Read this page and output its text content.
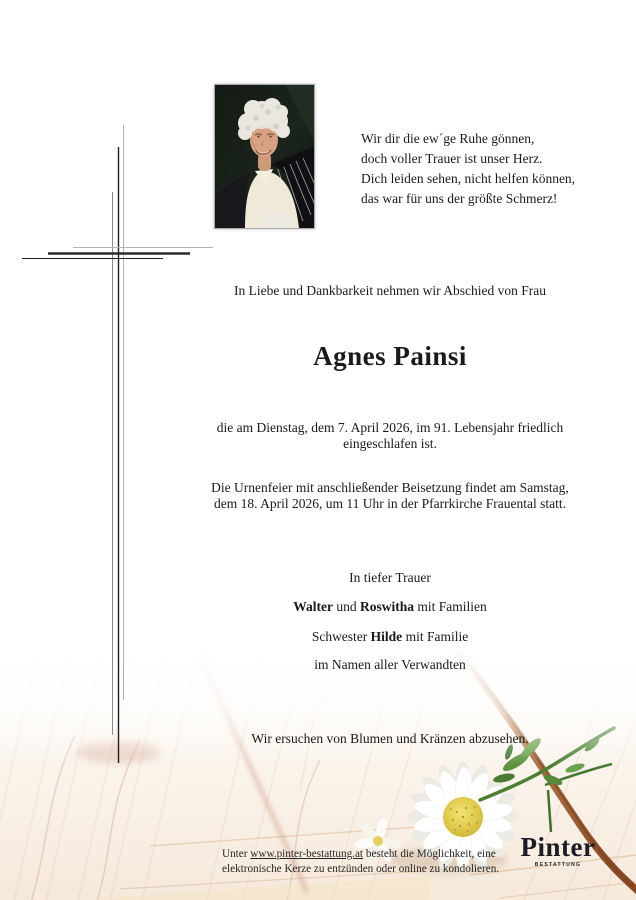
Wir dir die ew´ge Ruhe gönnen,
doch voller Trauer ist unser Herz.
Dich leiden sehen, nicht helfen können,
das war für uns der größte Schmerz!
In Liebe und Dankbarkeit nehmen wir Abschied von Frau
Agnes Painsi
die am Dienstag, dem 7. April 2026, im 91. Lebensjahr friedlich
eingeschlafen ist.
Die Urnenfeier mit anschließender Beisetzung findet am Samstag,
dem 18. April 2026, um 11 Uhr in der Pfarrkirche Frauental statt.
In tiefer Trauer
Walter und Roswitha mit Familien
Schwester Hilde mit Familie
im Namen aller Verwandten
Wir ersuchen von Blumen und Kränzen abzusehen.
Unter www.pinter-bestattung.at besteht die Möglichkeit, eine
elektronische Kerze zu entzünden oder online zu kondolieren.
Pinter
BESTATTUNG
